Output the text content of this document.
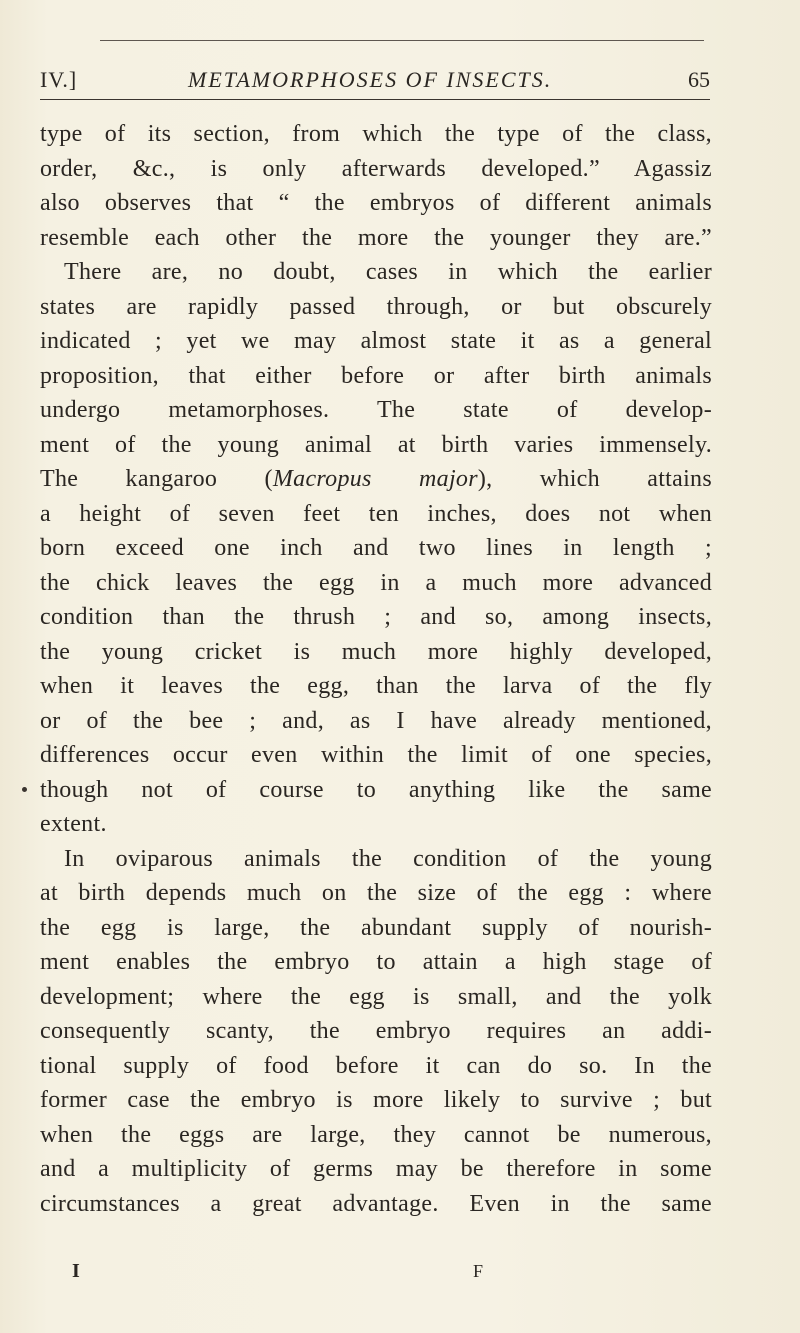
IV.]	METAMORPHOSES OF INSECTS.	65
type of its section, from which the type of the class,
order, &c., is only afterwards developed.” Agassiz
also observes that “ the embryos of different animals
resemble each other the more the younger they are.”
There are, no doubt, cases in which the earlier
states are rapidly passed through, or but obscurely
indicated ; yet we may almost state it as a general
proposition, that either before or after birth animals
undergo metamorphoses. The state of develop-
ment of the young animal at birth varies immensely.
The kangaroo (Macropus major), which attains
a height of seven feet ten inches, does not when
born exceed one inch and two lines in length ;
the chick leaves the egg in a much more advanced
condition than the thrush ; and so, among insects,
the young cricket is much more highly developed,
when it leaves the egg, than the larva of the fly
or of the bee ; and, as I have already mentioned,
differences occur even within the limit of one species,
though not of course to anything like the same
extent.
In oviparous animals the condition of the young
at birth depends much on the size of the egg : where
the egg is large, the abundant supply of nourish-
ment enables the embryo to attain a high stage of
development; where the egg is small, and the yolk
consequently scanty, the embryo requires an addi-
tional supply of food before it can do so. In the
former case the embryo is more likely to survive ; but
when the eggs are large, they cannot be numerous,
and a multiplicity of germs may be therefore in some
circumstances a great advantage. Even in the same
I	F
